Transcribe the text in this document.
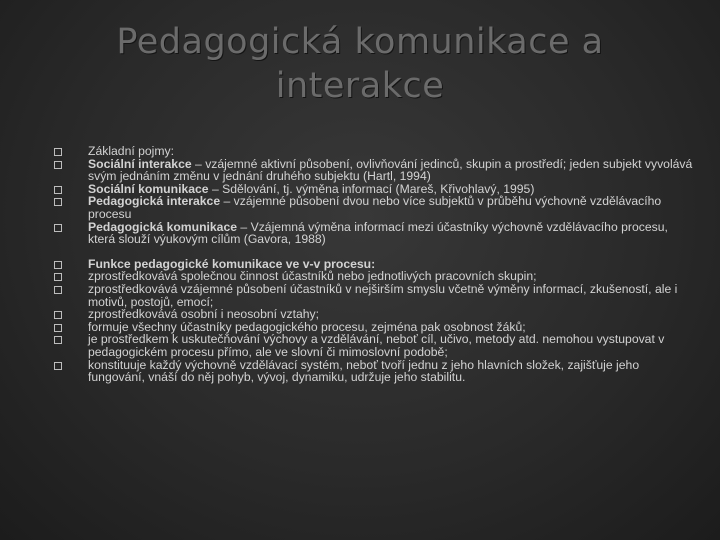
Pedagogická komunikace a
interakce
Základní pojmy:
Sociální interakce – vzájemné aktivní působení, ovlivňování jedinců, skupin a prostředí; jeden subjekt vyvolává svým jednáním změnu v jednání druhého subjektu (Hartl, 1994)
Sociální komunikace – Sdělování, tj. výměna informací (Mareš, Křivohlavý, 1995)
Pedagogická interakce – vzájemné působení dvou nebo více subjektů v průběhu výchovně vzdělávacího procesu
Pedagogická komunikace – Vzájemná výměna informací mezi účastníky výchovně vzdělávacího procesu, která slouží výukovým cílům (Gavora, 1988)
Funkce pedagogické komunikace ve v-v procesu:
zprostředkovává společnou činnost účastníků nebo jednotlivých pracovních skupin;
zprostředkovává vzájemné působení účastníků v nejširším smyslu včetně výměny informací, zkušeností, ale i motivů, postojů, emocí;
zprostředkovává osobní i neosobní vztahy;
formuje všechny účastníky pedagogického procesu, zejména pak osobnost žáků;
je prostředkem k uskutečňování výchovy a vzdělávání, neboť cíl, učivo, metody atd. nemohou vystupovat v pedagogickém procesu přímo, ale ve slovní či mimoslovní podobě;
konstituuje každý výchovně vzdělávací systém, neboť tvoří jednu z jeho hlavních složek, zajišťuje jeho fungování, vnáší do něj pohyb, vývoj, dynamiku, udržuje jeho stabilitu.
